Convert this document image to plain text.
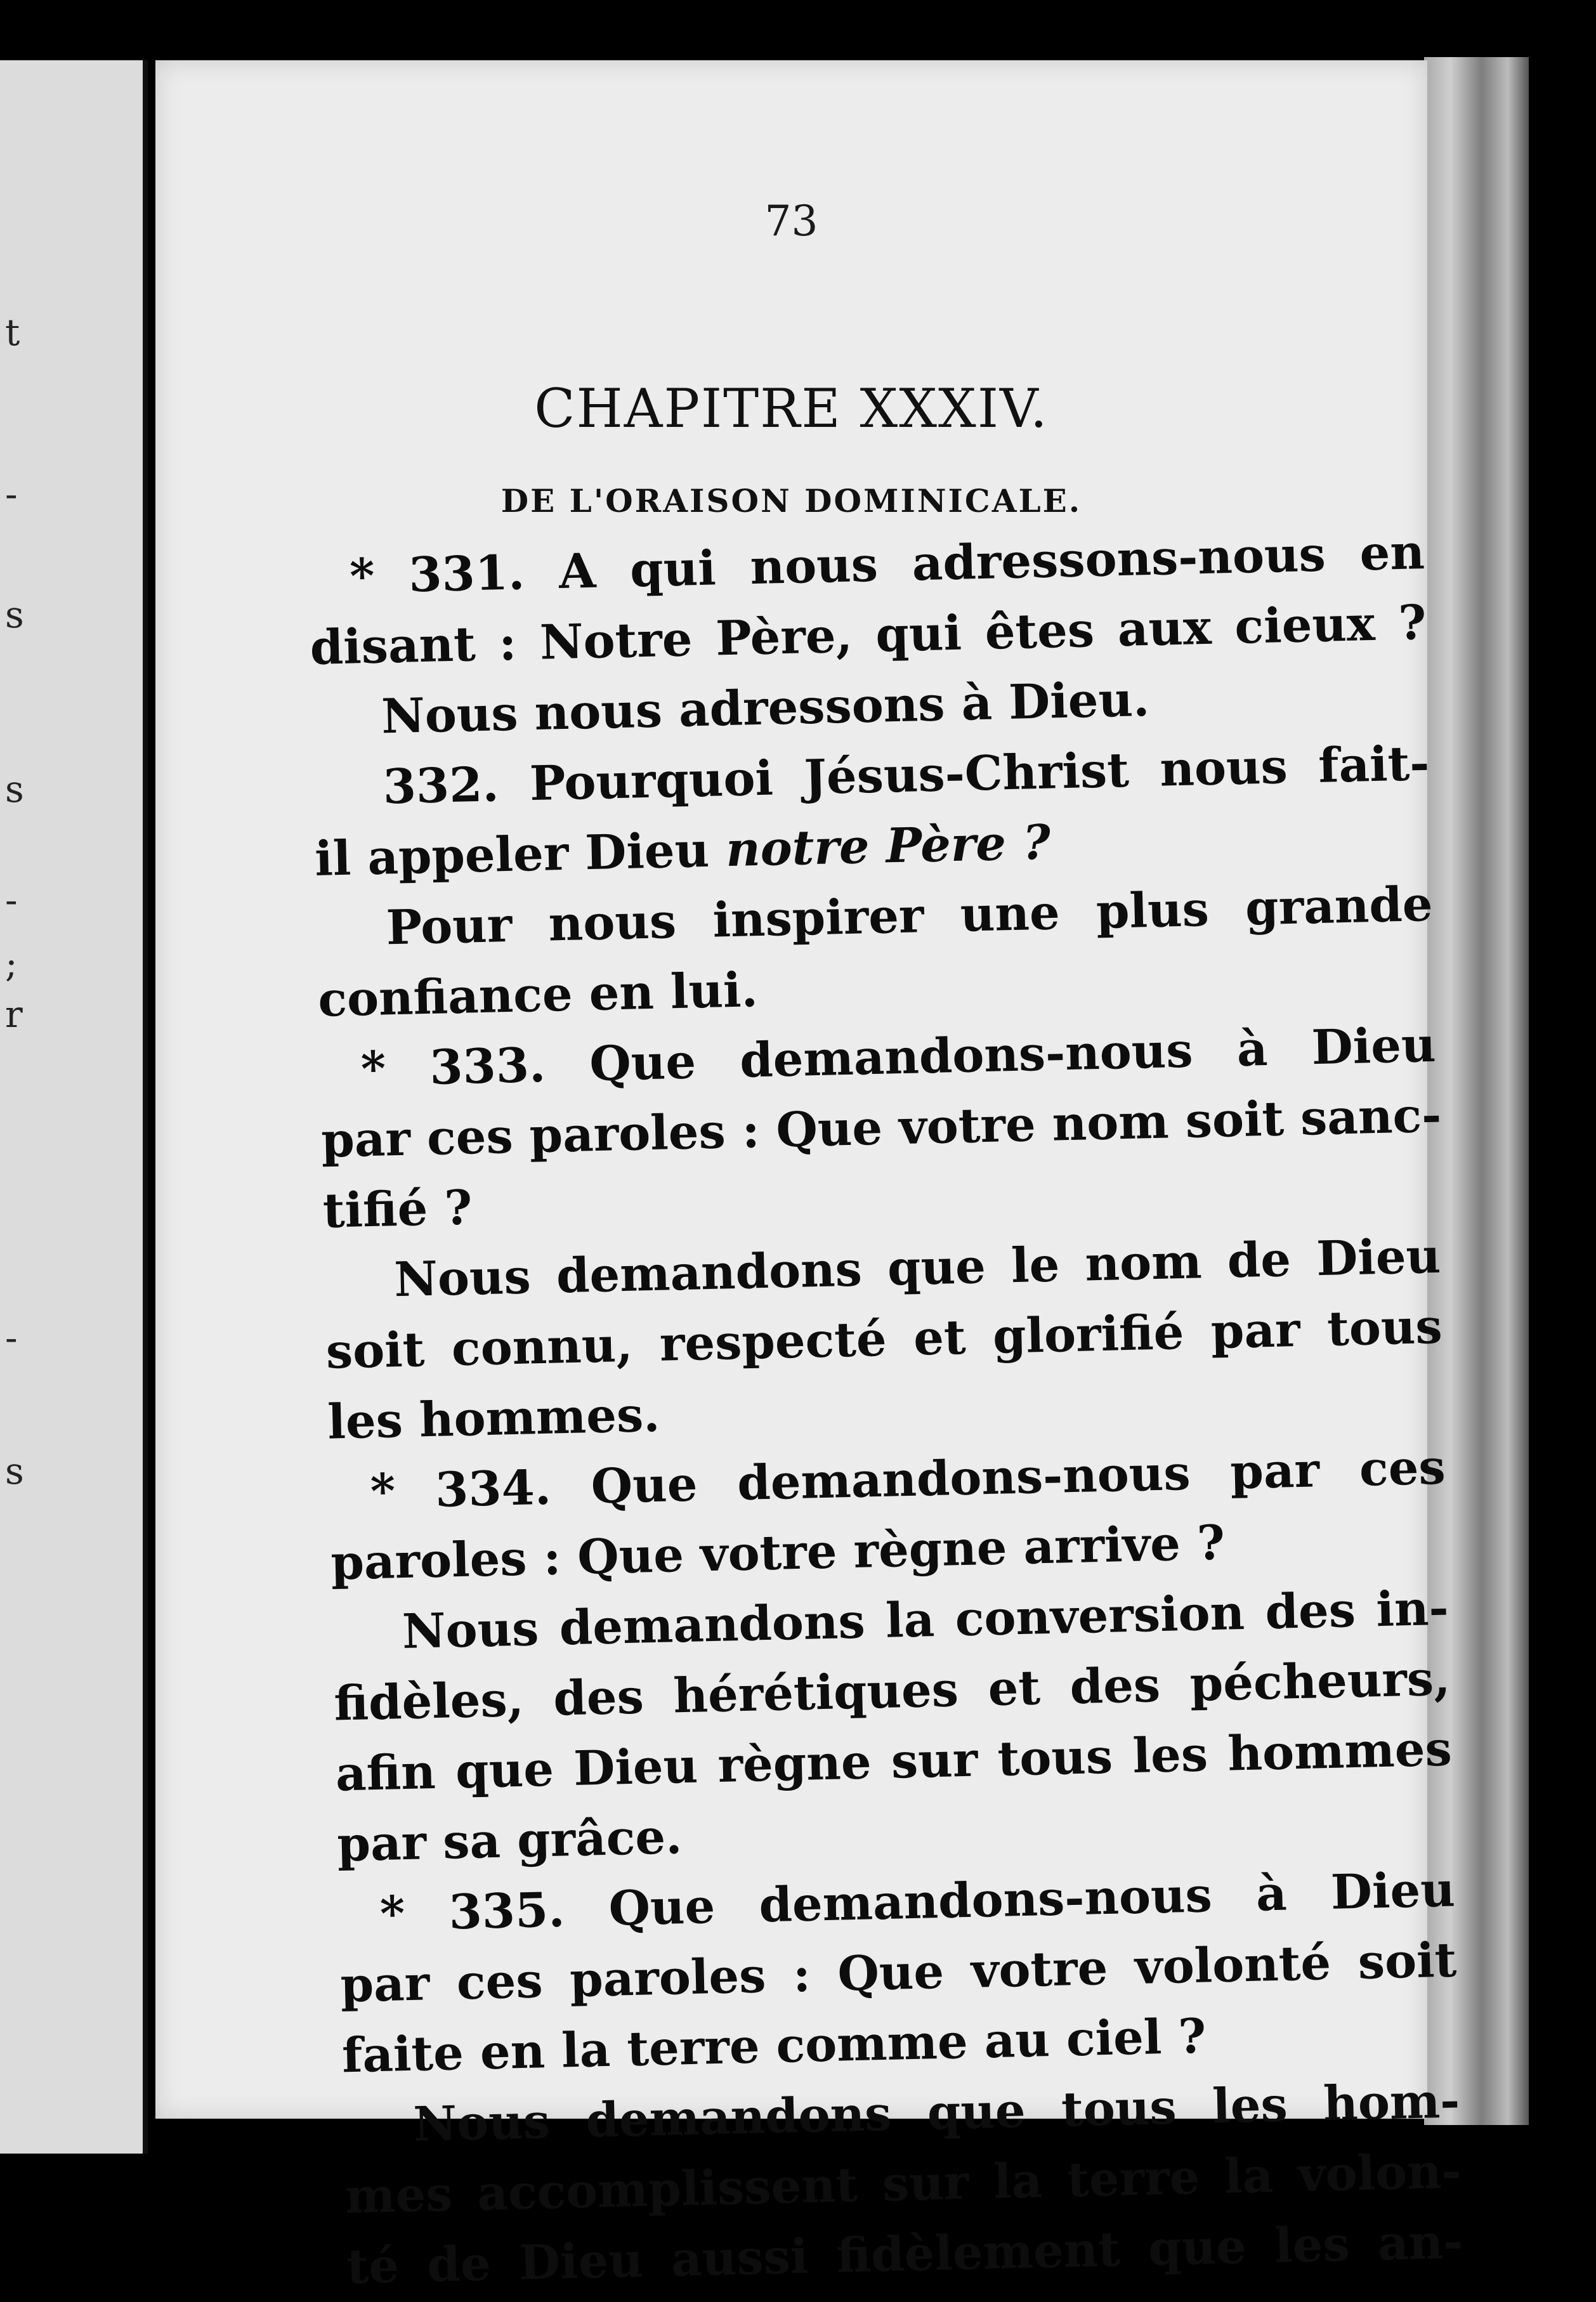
t
-
s
s
-
;
r
-
s
73
CHAPITRE XXXIV.
DE L'ORAISON DOMINICALE.
* 331. A qui nous adressons-nous en
disant : Notre Père, qui êtes aux cieux ?
Nous nous adressons à Dieu.
332. Pourquoi Jésus-Christ nous fait-
il appeler Dieu notre Père ?
Pour nous inspirer une plus grande
confiance en lui.
* 333. Que demandons-nous à Dieu
par ces paroles : Que votre nom soit sanc-
tifié ?
Nous demandons que le nom de Dieu
soit connu, respecté et glorifié par tous
les hommes.
* 334. Que demandons-nous par ces
paroles : Que votre règne arrive ?
Nous demandons la conversion des in-
fidèles, des hérétiques et des pécheurs,
afin que Dieu règne sur tous les hommes
par sa grâce.
* 335. Que demandons-nous à Dieu
par ces paroles : Que votre volonté soit
faite en la terre comme au ciel ?
Nous demandons que tous les hom-
mes accomplissent sur la terre la volon-
té de Dieu aussi fidèlement que les an-
